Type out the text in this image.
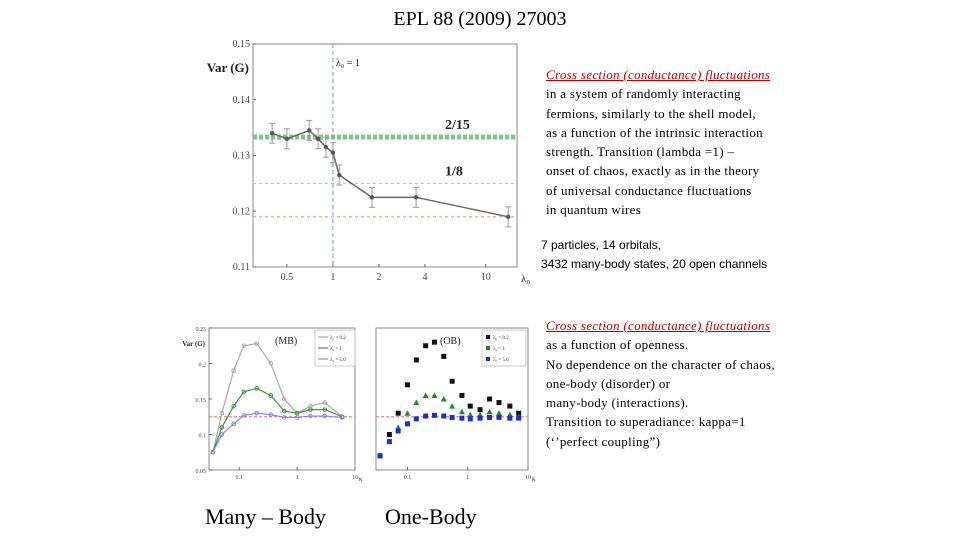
EPL 88 (2009) 27003
0.11
0.12
0.13
0.14
0.15
0.5	1	2	4	10
2/15
1/8
Var (G)
λ₀
λ₀ = 1
0.05
0.1
0.15
0.2
0.25
0.1	1	10
Var (G)
κ
(MB)	λ₀ = 0.2
λ₀ = 1
λ₀ = 5.6
0.1	1	10 κ
(OB)	λ₀ = 0.2
λ₀ = 1
λ₀ = 5.6
Cross section (conductance) fluctuations
in a system of randomly interacting
fermions, similarly to the shell model,
as a function of the intrinsic interaction
strength. Transition (lambda =1) –
onset of chaos, exactly as in the theory
of universal conductance fluctuations
in quantum wires
7 particles, 14 orbitals,
3432 many-body states, 20 open channels
Cross section (conductance) fluctuations
as a function of openness.
No dependence on the character of chaos,
one-body (disorder) or
many-body (interactions).
Transition to superadiance: kappa=1
(‘’perfect coupling”)
Many – Body	One-Body
